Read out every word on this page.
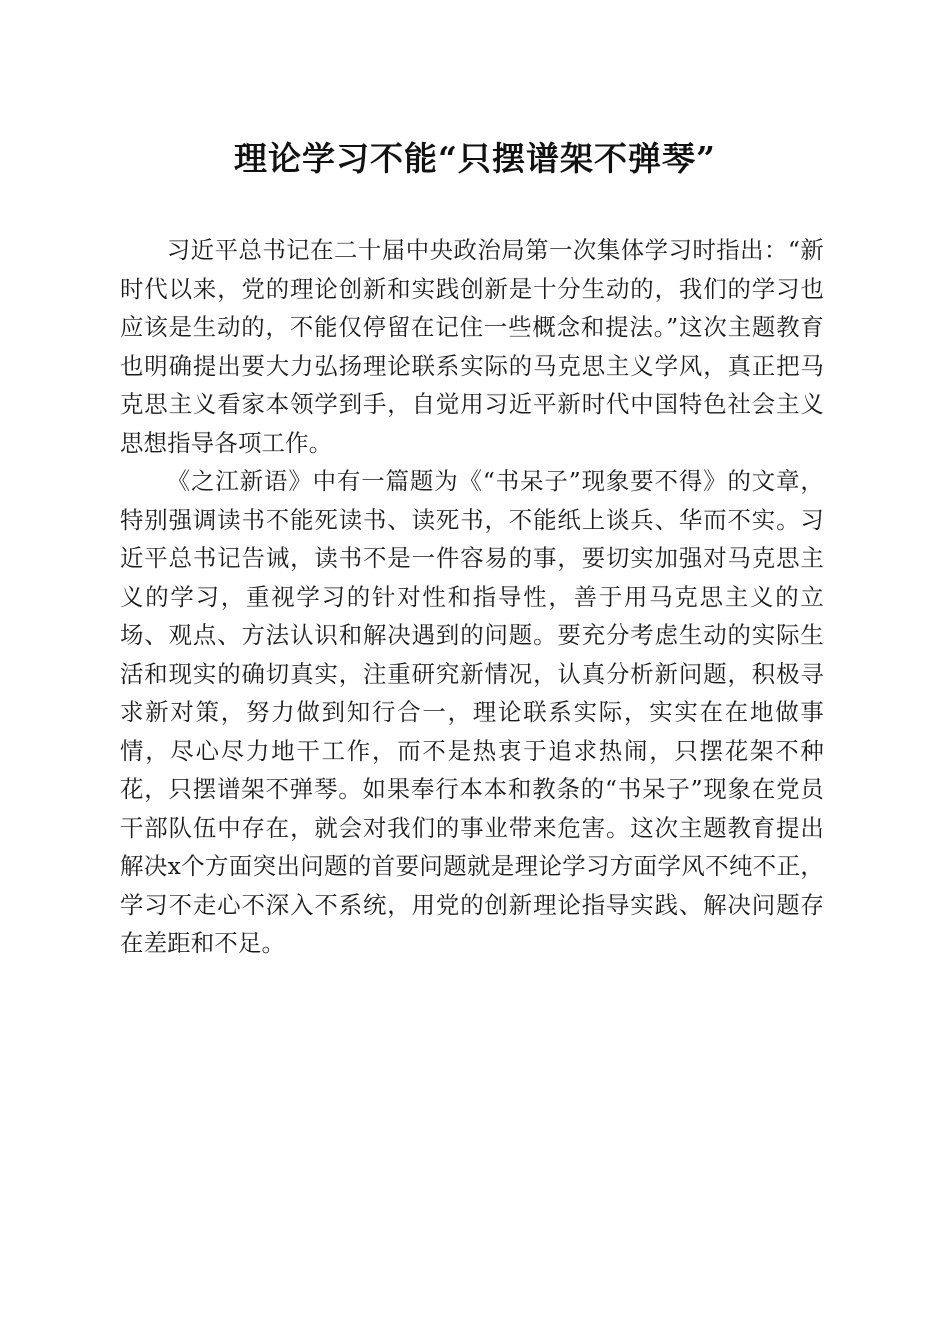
理论学习不能“只摆谱架不弹琴”

习近平总书记在二十届中央政治局第一次集体学习时指出：“新时代以来，党的理论创新和实践创新是十分生动的，我们的学习也应该是生动的，不能仅停留在记住一些概念和提法。”这次主题教育也明确提出要大力弘扬理论联系实际的马克思主义学风，真正把马克思主义看家本领学到手，自觉用习近平新时代中国特色社会主义思想指导各项工作。

《之江新语》中有一篇题为《“书呆子”现象要不得》的文章，特别强调读书不能死读书、读死书，不能纸上谈兵、华而不实。习近平总书记告诫，读书不是一件容易的事，要切实加强对马克思主义的学习，重视学习的针对性和指导性，善于用马克思主义的立场、观点、方法认识和解决遇到的问题。要充分考虑生动的实际生活和现实的确切真实，注重研究新情况，认真分析新问题，积极寻求新对策，努力做到知行合一，理论联系实际，实实在在地做事情，尽心尽力地干工作，而不是热衷于追求热闹，只摆花架不种花，只摆谱架不弹琴。如果奉行本本和教条的“书呆子”现象在党员干部队伍中存在，就会对我们的事业带来危害。这次主题教育提出解决x个方面突出问题的首要问题就是理论学习方面学风不纯不正，学习不走心不深入不系统，用党的创新理论指导实践、解决问题存在差距和不足。
